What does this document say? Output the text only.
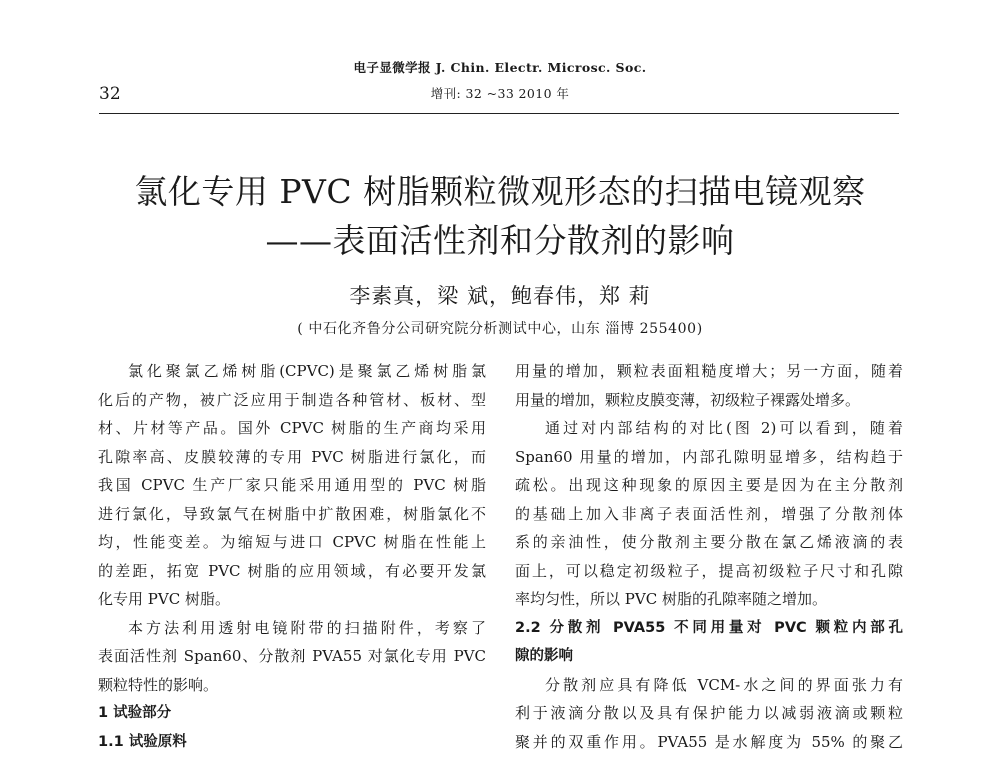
电子显微学报 J. Chin. Electr. Microsc. Soc.
32	增刊: 32 ~33 2010 年
氯化专用 PVC 树脂颗粒微观形态的扫描电镜观察
——表面活性剂和分散剂的影响
李素真，梁 斌，鲍春伟，郑 莉
( 中石化齐鲁分公司研究院分析测试中心，山东 淄博 255400)
氯化聚氯乙烯树脂(CPVC)是聚氯乙烯树脂氯
化后的产物，被广泛应用于制造各种管材、板材、型
材、片材等产品。国外 CPVC 树脂的生产商均采用
孔隙率高、皮膜较薄的专用 PVC 树脂进行氯化，而
我国 CPVC 生产厂家只能采用通用型的 PVC 树脂
进行氯化，导致氯气在树脂中扩散困难，树脂氯化不
均，性能变差。为缩短与进口 CPVC 树脂在性能上
的差距，拓宽 PVC 树脂的应用领域，有必要开发氯
化专用 PVC 树脂。
本方法利用透射电镜附带的扫描附件，考察了
表面活性剂 Span60、分散剂 PVA55 对氯化专用 PVC
颗粒特性的影响。
1 试验部分
1.1 试验原料
用量的增加，颗粒表面粗糙度增大；另一方面，随着
用量的增加，颗粒皮膜变薄，初级粒子裸露处增多。
通过对内部结构的对比(图 2)可以看到，随着
Span60 用量的增加，内部孔隙明显增多，结构趋于
疏松。出现这种现象的原因主要是因为在主分散剂
的基础上加入非离子表面活性剂，增强了分散剂体
系的亲油性，使分散剂主要分散在氯乙烯液滴的表
面上，可以稳定初级粒子，提高初级粒子尺寸和孔隙
率均匀性，所以 PVC 树脂的孔隙率随之增加。
2.2 分散剂 PVA55 不同用量对 PVC 颗粒内部孔
隙的影响
分散剂应具有降低 VCM-水之间的界面张力有
利于液滴分散以及具有保护能力以减弱液滴或颗粒
聚并的双重作用。PVA55 是水解度为 55% 的聚乙
